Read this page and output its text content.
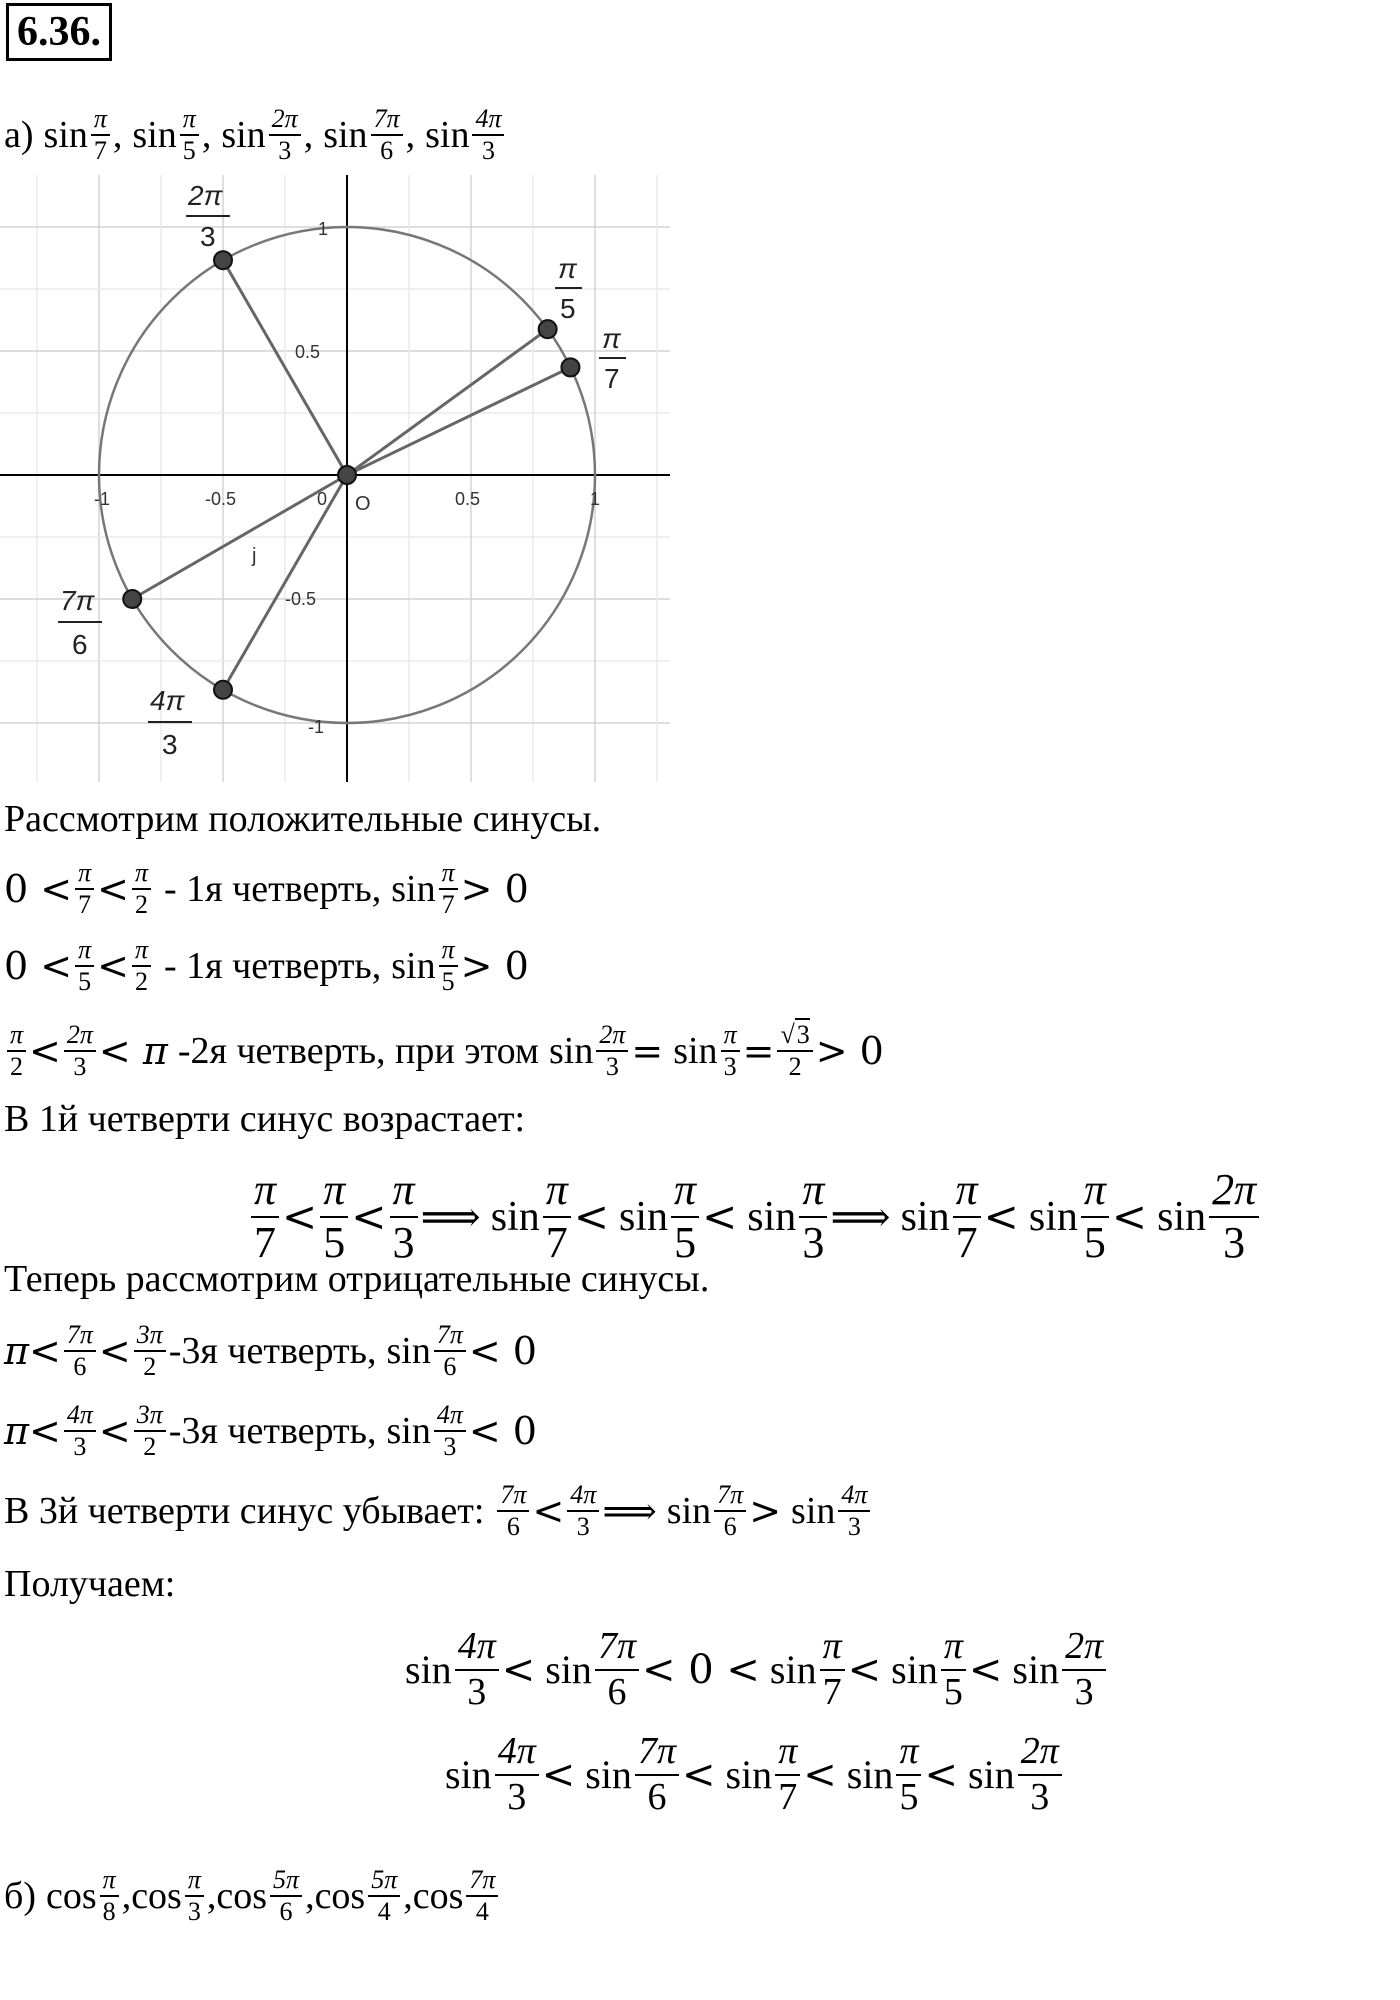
6.36.
а) $\sin \frac{\pi}{7}$ , $\sin \frac{\pi}{5}$ , $\sin \frac{2\pi}{3}$ , $\sin \frac{7\pi}{6}$ , $\sin \frac{4\pi}{3}$
-1	-0.5	0	0.5	1
1
0.5
-0.5
-1
O
j
2π
3
π
5
π
7
7π
6
4π
3
Рассмотрим положительные синусы.
$0 < \frac{\pi}{7} < \frac{\pi}{2} - 1я$ четверть, $\sin \frac{\pi}{7} > 0$
$0 < \frac{\pi}{5} < \frac{\pi}{2} - 1я$ четверть, $\sin \frac{\pi}{5} > 0$
$\frac{\pi}{2} < \frac{2\pi}{3} < \pi$ -2я четверть, при этом $\sin \frac{2\pi}{3} = \sin \frac{\pi}{3} = \frac{√3}{2} > 0$
В 1й четверти синус возрастает:
$\frac{\pi}{7} < \frac{\pi}{5} < \frac{\pi}{3}$ ⟹ $\sin \frac{\pi}{7} < \sin \frac{\pi}{5} < \sin \frac{\pi}{3}$ ⟹ $\sin \frac{\pi}{7} < \sin \frac{\pi}{5} < \sin \frac{2\pi}{3}$
Теперь рассмотрим отрицательные синусы.
$\pi < \frac{7\pi}{6} < \frac{3\pi}{2} -3я$ четверть, $\sin \frac{7\pi}{6} < 0$
$\pi < \frac{4\pi}{3} < \frac{3\pi}{2} -3я$ четверть, $\sin \frac{4\pi}{3} < 0$
В 3й четверти синус убывает: $\frac{7\pi}{6} < \frac{4\pi}{3}$ ⟹ $\sin \frac{7\pi}{6} > \sin \frac{4\pi}{3}$
Получаем:
$\sin \frac{4\pi}{3} < \sin \frac{7\pi}{6} < 0 < \sin \frac{\pi}{7} < \sin \frac{\pi}{5} < \sin \frac{2\pi}{3}$
$\sin \frac{4\pi}{3} < \sin \frac{7\pi}{6} < \sin \frac{\pi}{7} < \sin \frac{\pi}{5} < \sin \frac{2\pi}{3}$
б) $\cos \frac{\pi}{8}$ , $\cos \frac{\pi}{3}$ , $\cos \frac{5\pi}{6}$ , $\cos \frac{5\pi}{4}$ , $\cos \frac{7\pi}{4}$
